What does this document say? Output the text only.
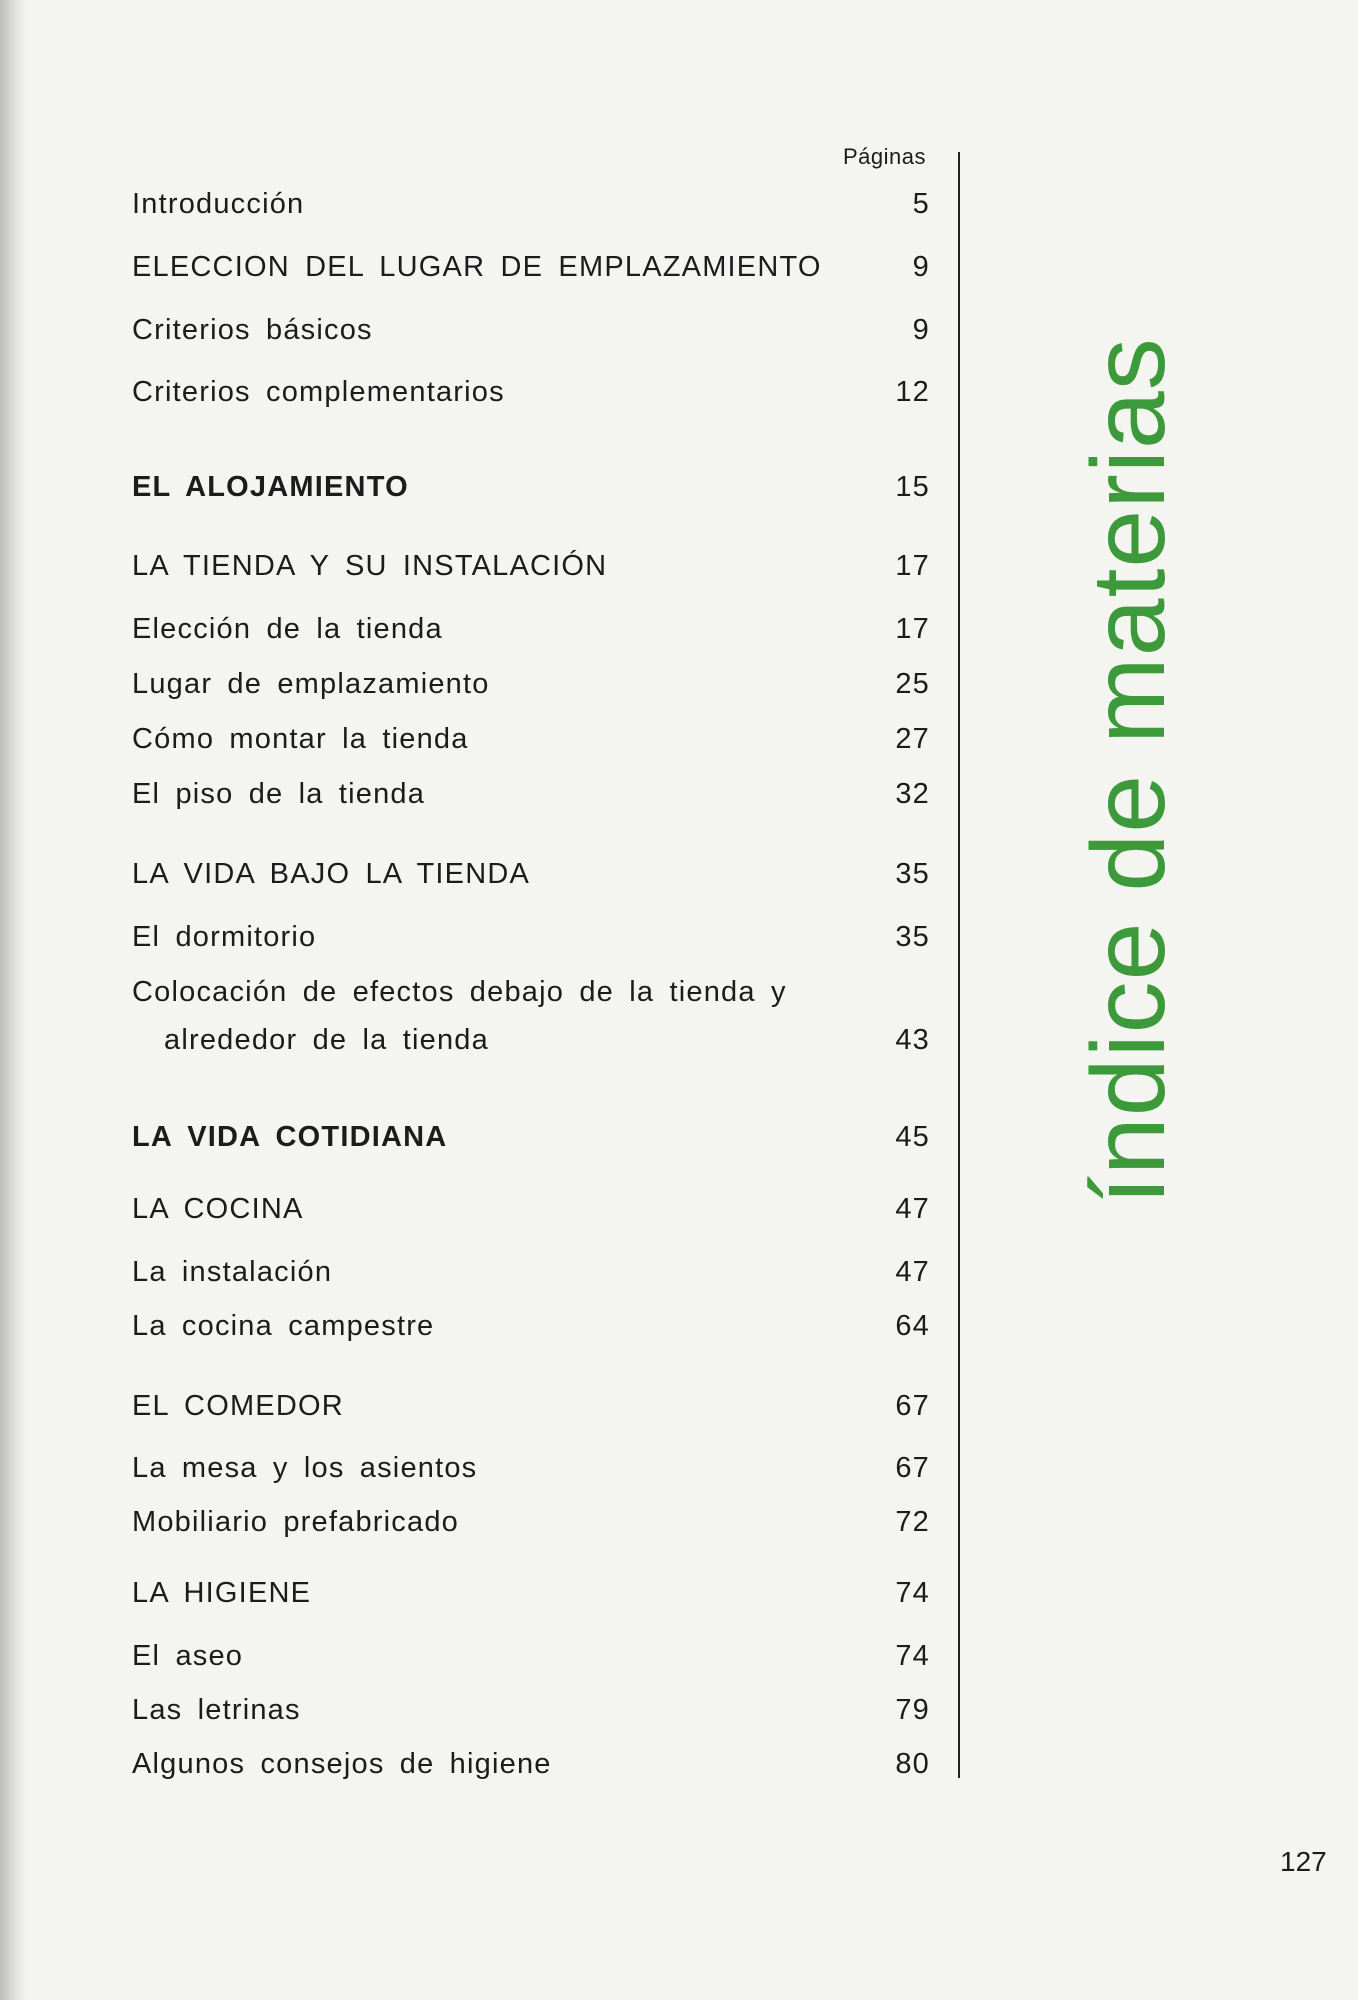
Páginas
Introducción	5
ELECCION DEL LUGAR DE EMPLAZAMIENTO	9
Criterios básicos	9
Criterios complementarios	12
EL ALOJAMIENTO	15
LA TIENDA Y SU INSTALACIÓN	17
Elección de la tienda	17
Lugar de emplazamiento	25
Cómo montar la tienda	27
El piso de la tienda	32
LA VIDA BAJO LA TIENDA	35
El dormitorio	35
Colocación de efectos debajo de la tienda y
alrededor de la tienda	43
LA VIDA COTIDIANA	45
LA COCINA	47
La instalación	47
La cocina campestre	64
EL COMEDOR	67
La mesa y los asientos	67
Mobiliario prefabricado	72
LA HIGIENE	74
El aseo	74
Las letrinas	79
Algunos consejos de higiene	80
índice de materias
127
